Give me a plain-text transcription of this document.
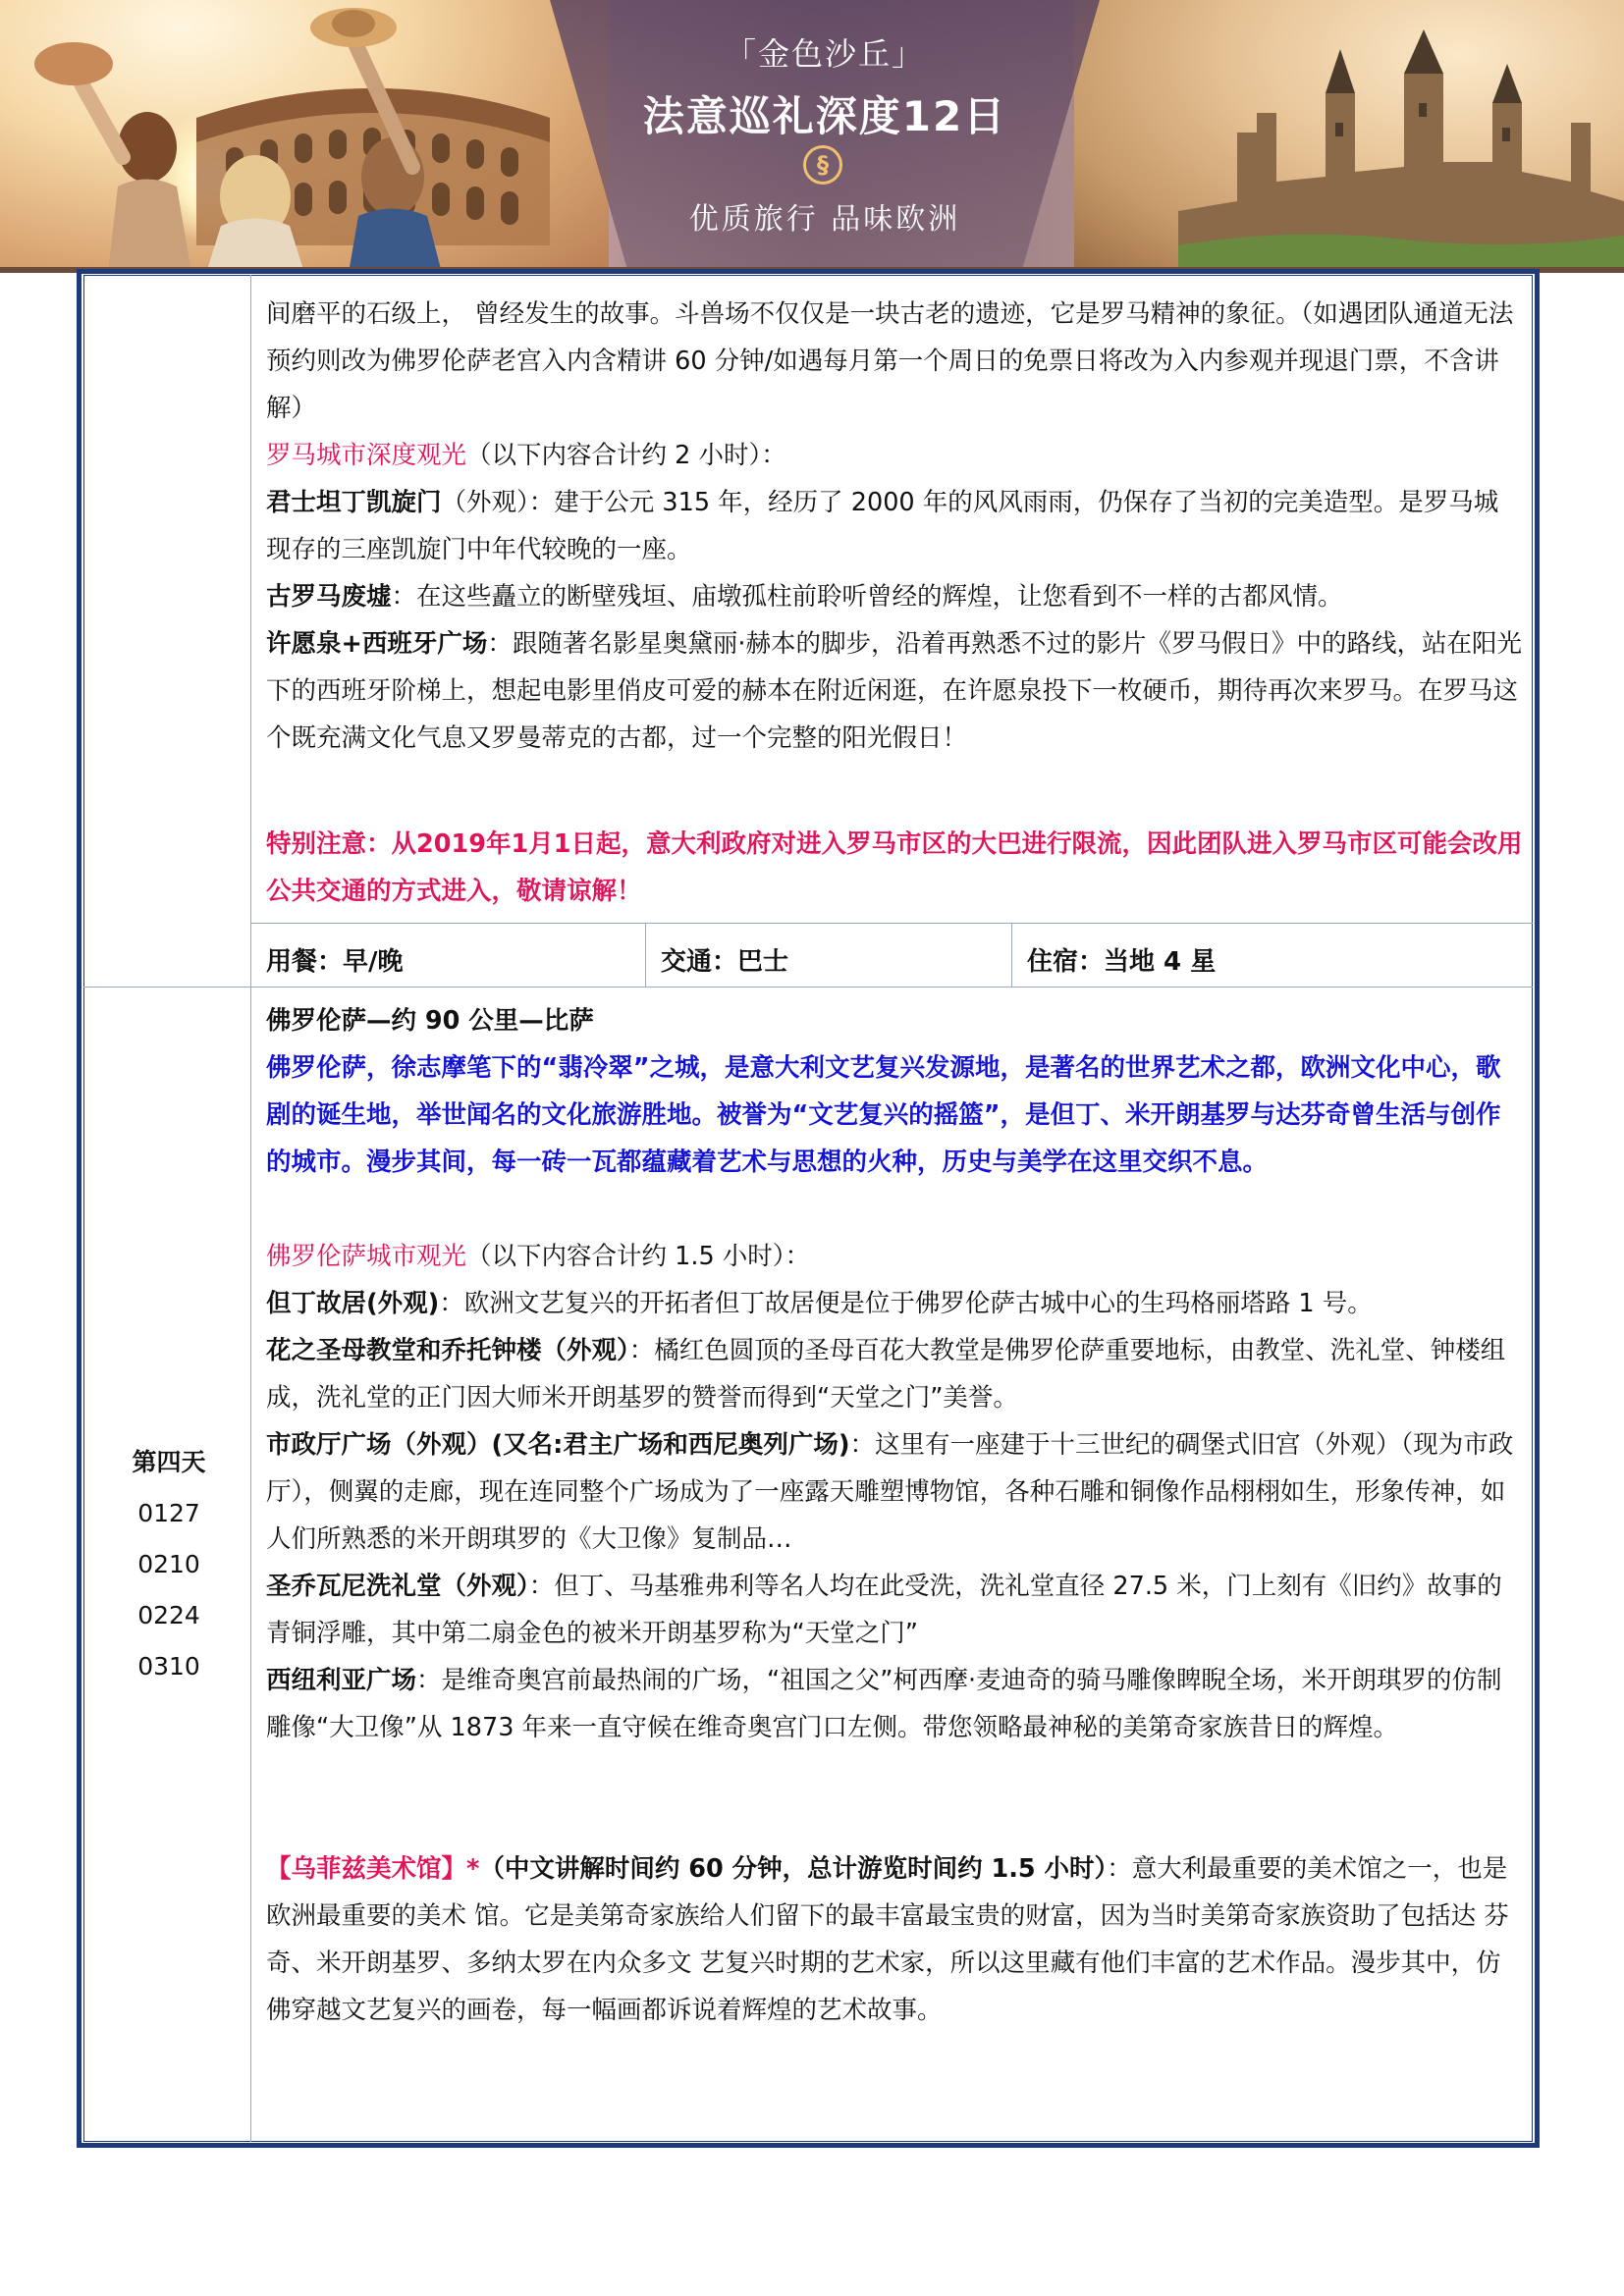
「金色沙丘」
法意巡礼深度12日
§
优质旅行 品味欧洲

间磨平的石级上， 曾经发生的故事。斗兽场不仅仅是一块古老的遗迹，它是罗马精神的象征。（如遇团队通道无法预约则改为佛罗伦萨老宫入内含精讲 60 分钟/如遇每月第一个周日的免票日将改为入内参观并现退门票，不含讲解）

罗马城市深度观光（以下内容合计约 2 小时）：

君士坦丁凯旋门（外观）：建于公元 315 年，经历了 2000 年的风风雨雨，仍保存了当初的完美造型。是罗马城现存的三座凯旋门中年代较晚的一座。

古罗马废墟：在这些矗立的断壁残垣、庙墩孤柱前聆听曾经的辉煌，让您看到不一样的古都风情。

许愿泉+西班牙广场：跟随著名影星奥黛丽·赫本的脚步，沿着再熟悉不过的影片《罗马假日》中的路线，站在阳光下的西班牙阶梯上，想起电影里俏皮可爱的赫本在附近闲逛，在许愿泉投下一枚硬币，期待再次来罗马。在罗马这个既充满文化气息又罗曼蒂克的古都，过一个完整的阳光假日！

特别注意：从2019年1月1日起，意大利政府对进入罗马市区的大巴进行限流，因此团队进入罗马市区可能会改用公共交通的方式进入，敬请谅解！

用餐：早/晚	交通：巴士	住宿：当地 4 星
第四天
0127
0210
0224
0310

佛罗伦萨—约 90 公里—比萨

佛罗伦萨，徐志摩笔下的“翡冷翠”之城，是意大利文艺复兴发源地，是著名的世界艺术之都，欧洲文化中心，歌剧的诞生地，举世闻名的文化旅游胜地。被誉为“文艺复兴的摇篮”，是但丁、米开朗基罗与达芬奇曾生活与创作的城市。漫步其间，每一砖一瓦都蕴藏着艺术与思想的火种，历史与美学在这里交织不息。

佛罗伦萨城市观光（以下内容合计约 1.5 小时）：

但丁故居(外观)：欧洲文艺复兴的开拓者但丁故居便是位于佛罗伦萨古城中心的生玛格丽塔路 1 号。

花之圣母教堂和乔托钟楼（外观）：橘红色圆顶的圣母百花大教堂是佛罗伦萨重要地标，由教堂、洗礼堂、钟楼组成，洗礼堂的正门因大师米开朗基罗的赞誉而得到“天堂之门”美誉。

市政厅广场（外观）(又名:君主广场和西尼奥列广场)：这里有一座建于十三世纪的碉堡式旧宫（外观）（现为市政厅），侧翼的走廊，现在连同整个广场成为了一座露天雕塑博物馆，各种石雕和铜像作品栩栩如生，形象传神，如人们所熟悉的米开朗琪罗的《大卫像》复制品…

圣乔瓦尼洗礼堂（外观）：但丁、马基雅弗利等名人均在此受洗，洗礼堂直径 27.5 米，门上刻有《旧约》故事的青铜浮雕，其中第二扇金色的被米开朗基罗称为“天堂之门”

西纽利亚广场：是维奇奥宫前最热闹的广场，“祖国之父”柯西摩·麦迪奇的骑马雕像睥睨全场，米开朗琪罗的仿制雕像“大卫像”从 1873 年来一直守候在维奇奥宫门口左侧。带您领略最神秘的美第奇家族昔日的辉煌。

【乌菲兹美术馆】*（中文讲解时间约 60 分钟，总计游览时间约 1.5 小时）：意大利最重要的美术馆之一，也是欧洲最重要的美术 馆。它是美第奇家族给人们留下的最丰富最宝贵的财富，因为当时美第奇家族资助了包括达 芬奇、米开朗基罗、多纳太罗在内众多文 艺复兴时期的艺术家，所以这里藏有他们丰富的艺术作品。漫步其中，仿佛穿越文艺复兴的画卷，每一幅画都诉说着辉煌的艺术故事。
